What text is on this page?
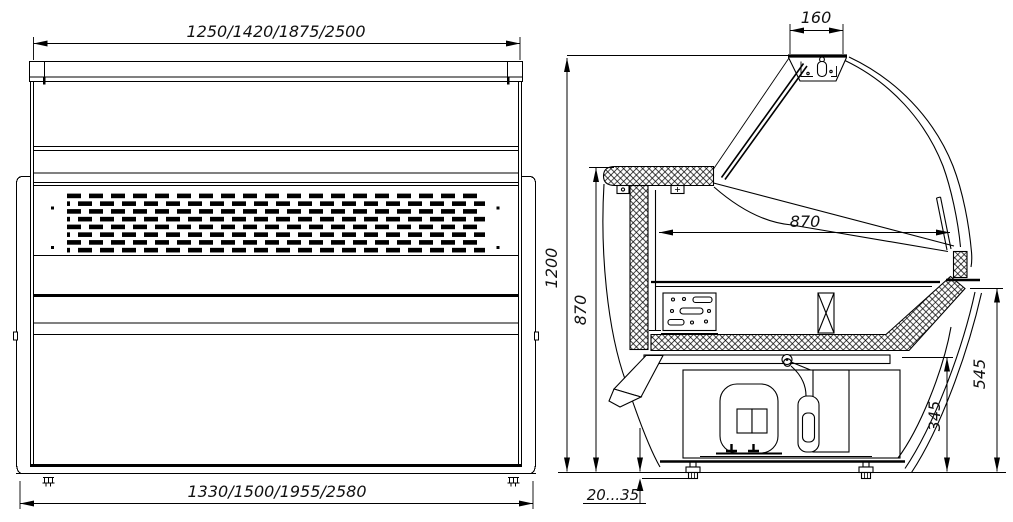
1250/1420/1875/2500
1330/1500/1955/2580
160
1200
870
870
545
345
20...35
